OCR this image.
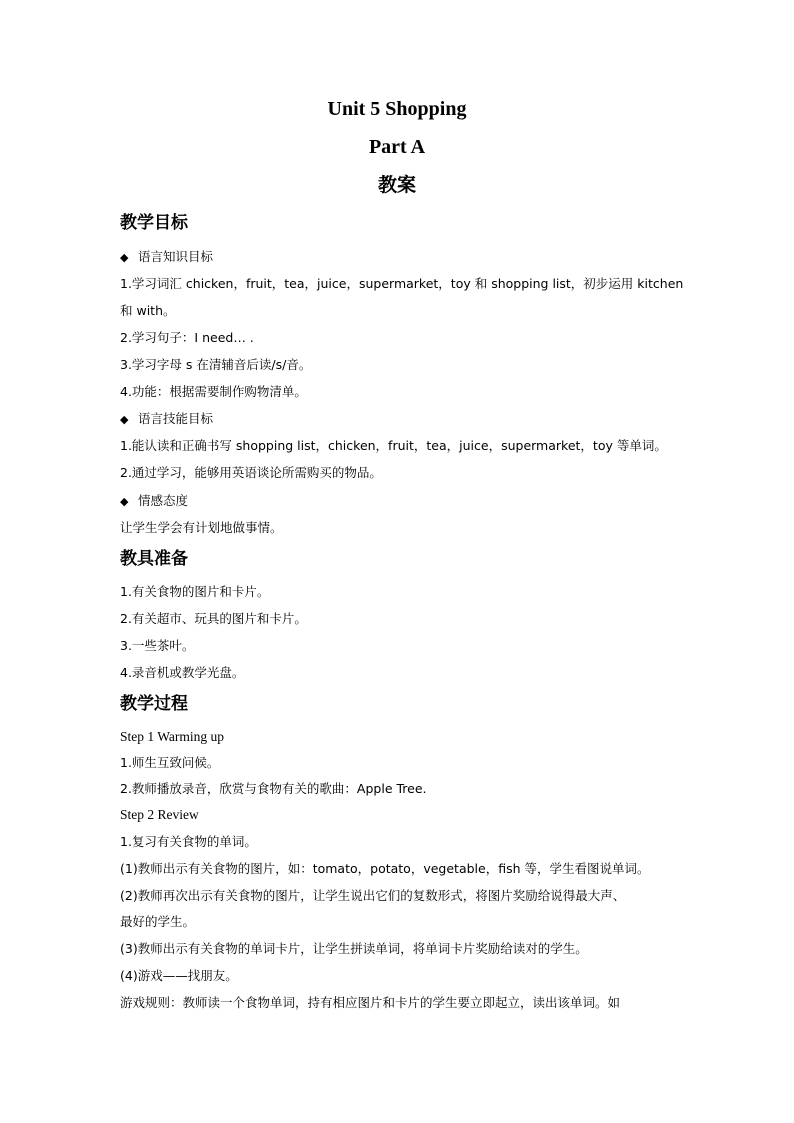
Unit 5 Shopping
Part A
教案
教学目标
◆ 语言知识目标
1.学习词汇 chicken，fruit，tea，juice，supermarket，toy 和 shopping list，初步运用 kitchen
和 with。
2.学习句子：I need… .
3.学习字母 s 在清辅音后读/s/音。
4.功能：根据需要制作购物清单。
◆ 语言技能目标
1.能认读和正确书写 shopping list，chicken，fruit，tea，juice，supermarket，toy 等单词。
2.通过学习，能够用英语谈论所需购买的物品。
◆ 情感态度
让学生学会有计划地做事情。
教具准备
1.有关食物的图片和卡片。
2.有关超市、玩具的图片和卡片。
3.一些茶叶。
4.录音机或教学光盘。
教学过程
Step 1 Warming up
1.师生互致问候。
2.教师播放录音，欣赏与食物有关的歌曲：Apple Tree.
Step 2 Review
1.复习有关食物的单词。
(1)教师出示有关食物的图片，如：tomato，potato，vegetable，fish 等，学生看图说单词。
(2)教师再次出示有关食物的图片，让学生说出它们的复数形式，将图片奖励给说得最大声、
最好的学生。
(3)教师出示有关食物的单词卡片，让学生拼读单词，将单词卡片奖励给读对的学生。
(4)游戏——找朋友。
游戏规则：教师读一个食物单词，持有相应图片和卡片的学生要立即起立，读出该单词。如
